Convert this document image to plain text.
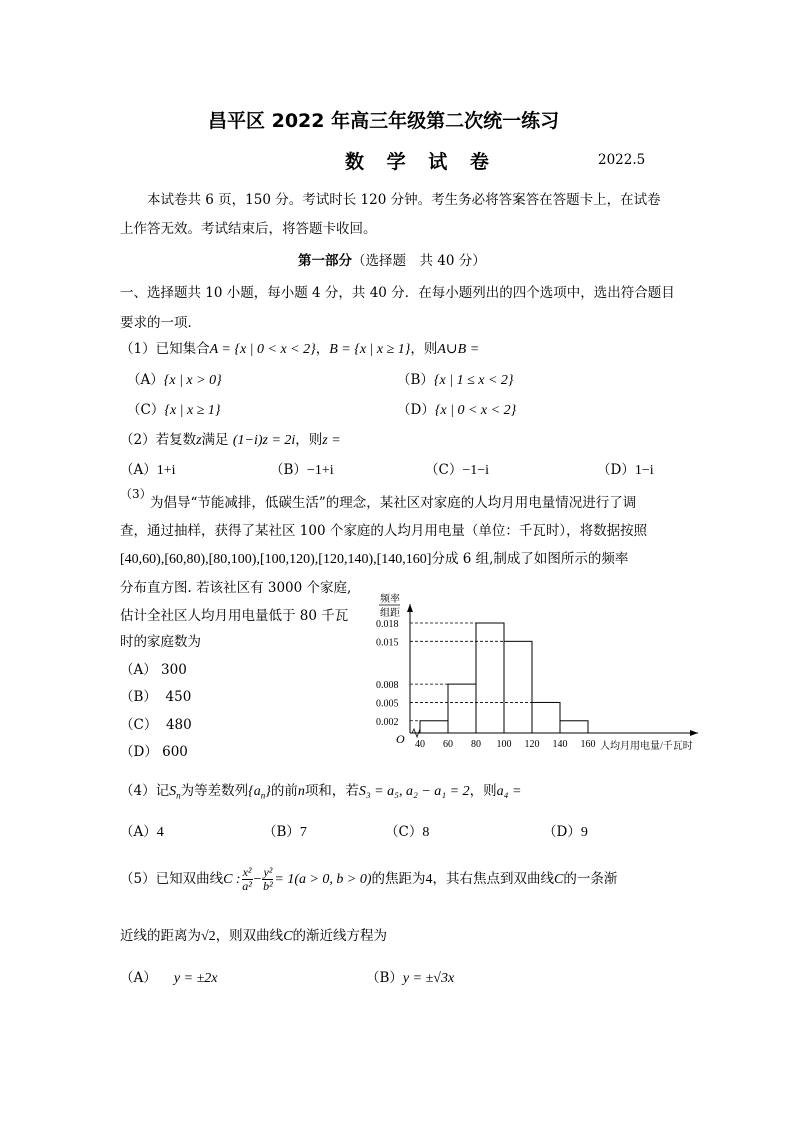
昌平区 2022 年高三年级第二次统一练习
数 学 试 卷	2022.5
本试卷共 6 页，150 分。考试时长 120 分钟。考生务必将答案答在答题卡上，在试卷
上作答无效。考试结束后，将答题卡收回。
第一部分（选择题　共 40 分）
一、选择题共 10 小题，每小题 4 分，共 40 分．在每小题列出的四个选项中，选出符合题目
要求的一项．
（1）已知集合A = {x | 0 < x < 2}，B = {x | x ≥ 1}，则A∪B =
（A）{x | x > 0}	（B）{x | 1 ≤ x < 2}
（C）{x | x ≥ 1}	（D）{x | 0 < x < 2}
（2）若复数z满足 (1−i)z = 2i，则z =
（A）1+i	（B）−1+i	（C）−1−i	（D）1−i
（3）
为倡导“节能减排，低碳生活”的理念，某社区对家庭的人均月用电量情况进行了调
查，通过抽样，获得了某社区 100 个家庭的人均月用电量（单位：千瓦时），将数据按照
[40,60),[60,80),[80,100),[100,120),[120,140),[140,160]分成 6 组,制成了如图所示的频率
分布直方图. 若该社区有 3000 个家庭,
估计全社区人均月用电量低于 80 千瓦
时的家庭数为
（A） 300
（B） 450
（C） 480
（D） 600
频率
组距
0.018
0.015
0.008
0.005
0.002
40 60 80 100 120 140 160
O
人均月用电量/千瓦时
（4）记$S_n$为等差数列$\{a_n\}$的前n项和，若S₃ = a₅, a₂ − a₁ = 2，则a₄ =
（A）4	（B）7	（C）8	（D）9
（5）已知双曲线C : $\frac{\text{x²}}{\text{a²}} - \frac{\text{y²}}{\text{b²}} = 1(a > 0$, b > 0)的焦距为4，其右焦点到双曲线C的一条渐
近线的距离为√2，则双曲线C的渐近线方程为
（A） y = ±2x	（B）y = ±√3x
